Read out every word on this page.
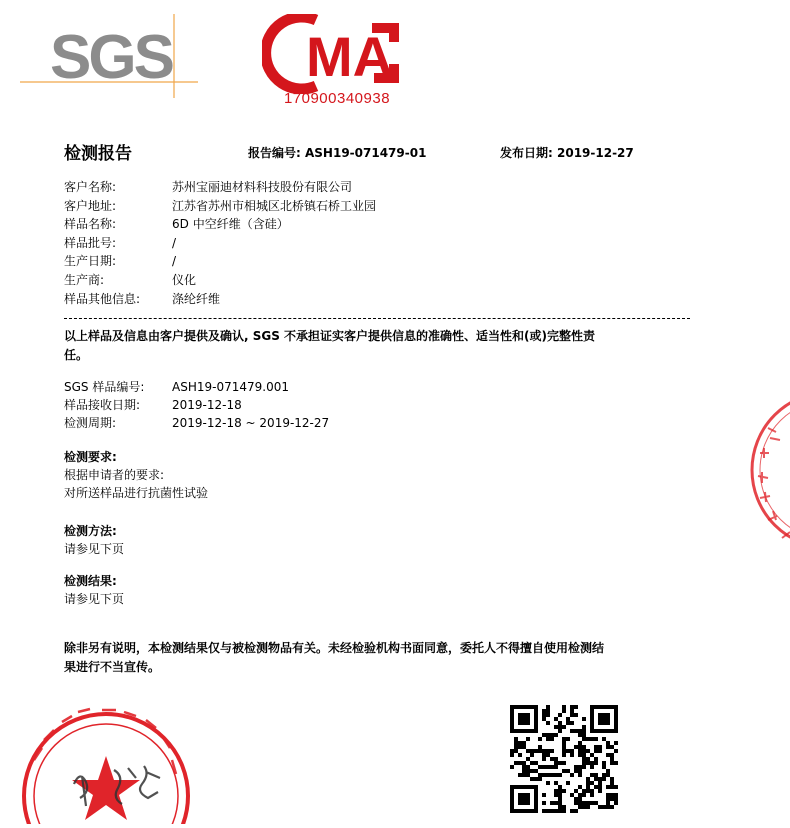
SGS MA
170900340938
检测报告	报告编号: ASH19-071479-01	发布日期: 2019-12-27
客户名称:	苏州宝丽迪材料科技股份有限公司
客户地址:	江苏省苏州市相城区北桥镇石桥工业园
样品名称:	6D 中空纤维（含硅）
样品批号:	/
生产日期:	/
生产商:	仪化
样品其他信息:	涤纶纤维
以上样品及信息由客户提供及确认, SGS 不承担证实客户提供信息的准确性、适当性和(或)完整性责
任。
SGS 样品编号:	ASH19-071479.001
样品接收日期:	2019-12-18
检测周期:	2019-12-18 ~ 2019-12-27
检测要求:
根据申请者的要求:
对所送样品进行抗菌性试验
检测方法:
请参见下页
检测结果:
请参见下页
除非另有说明，本检测结果仅与被检测物品有关。未经检验机构书面同意，委托人不得擅自使用检测结
果进行不当宣传。
